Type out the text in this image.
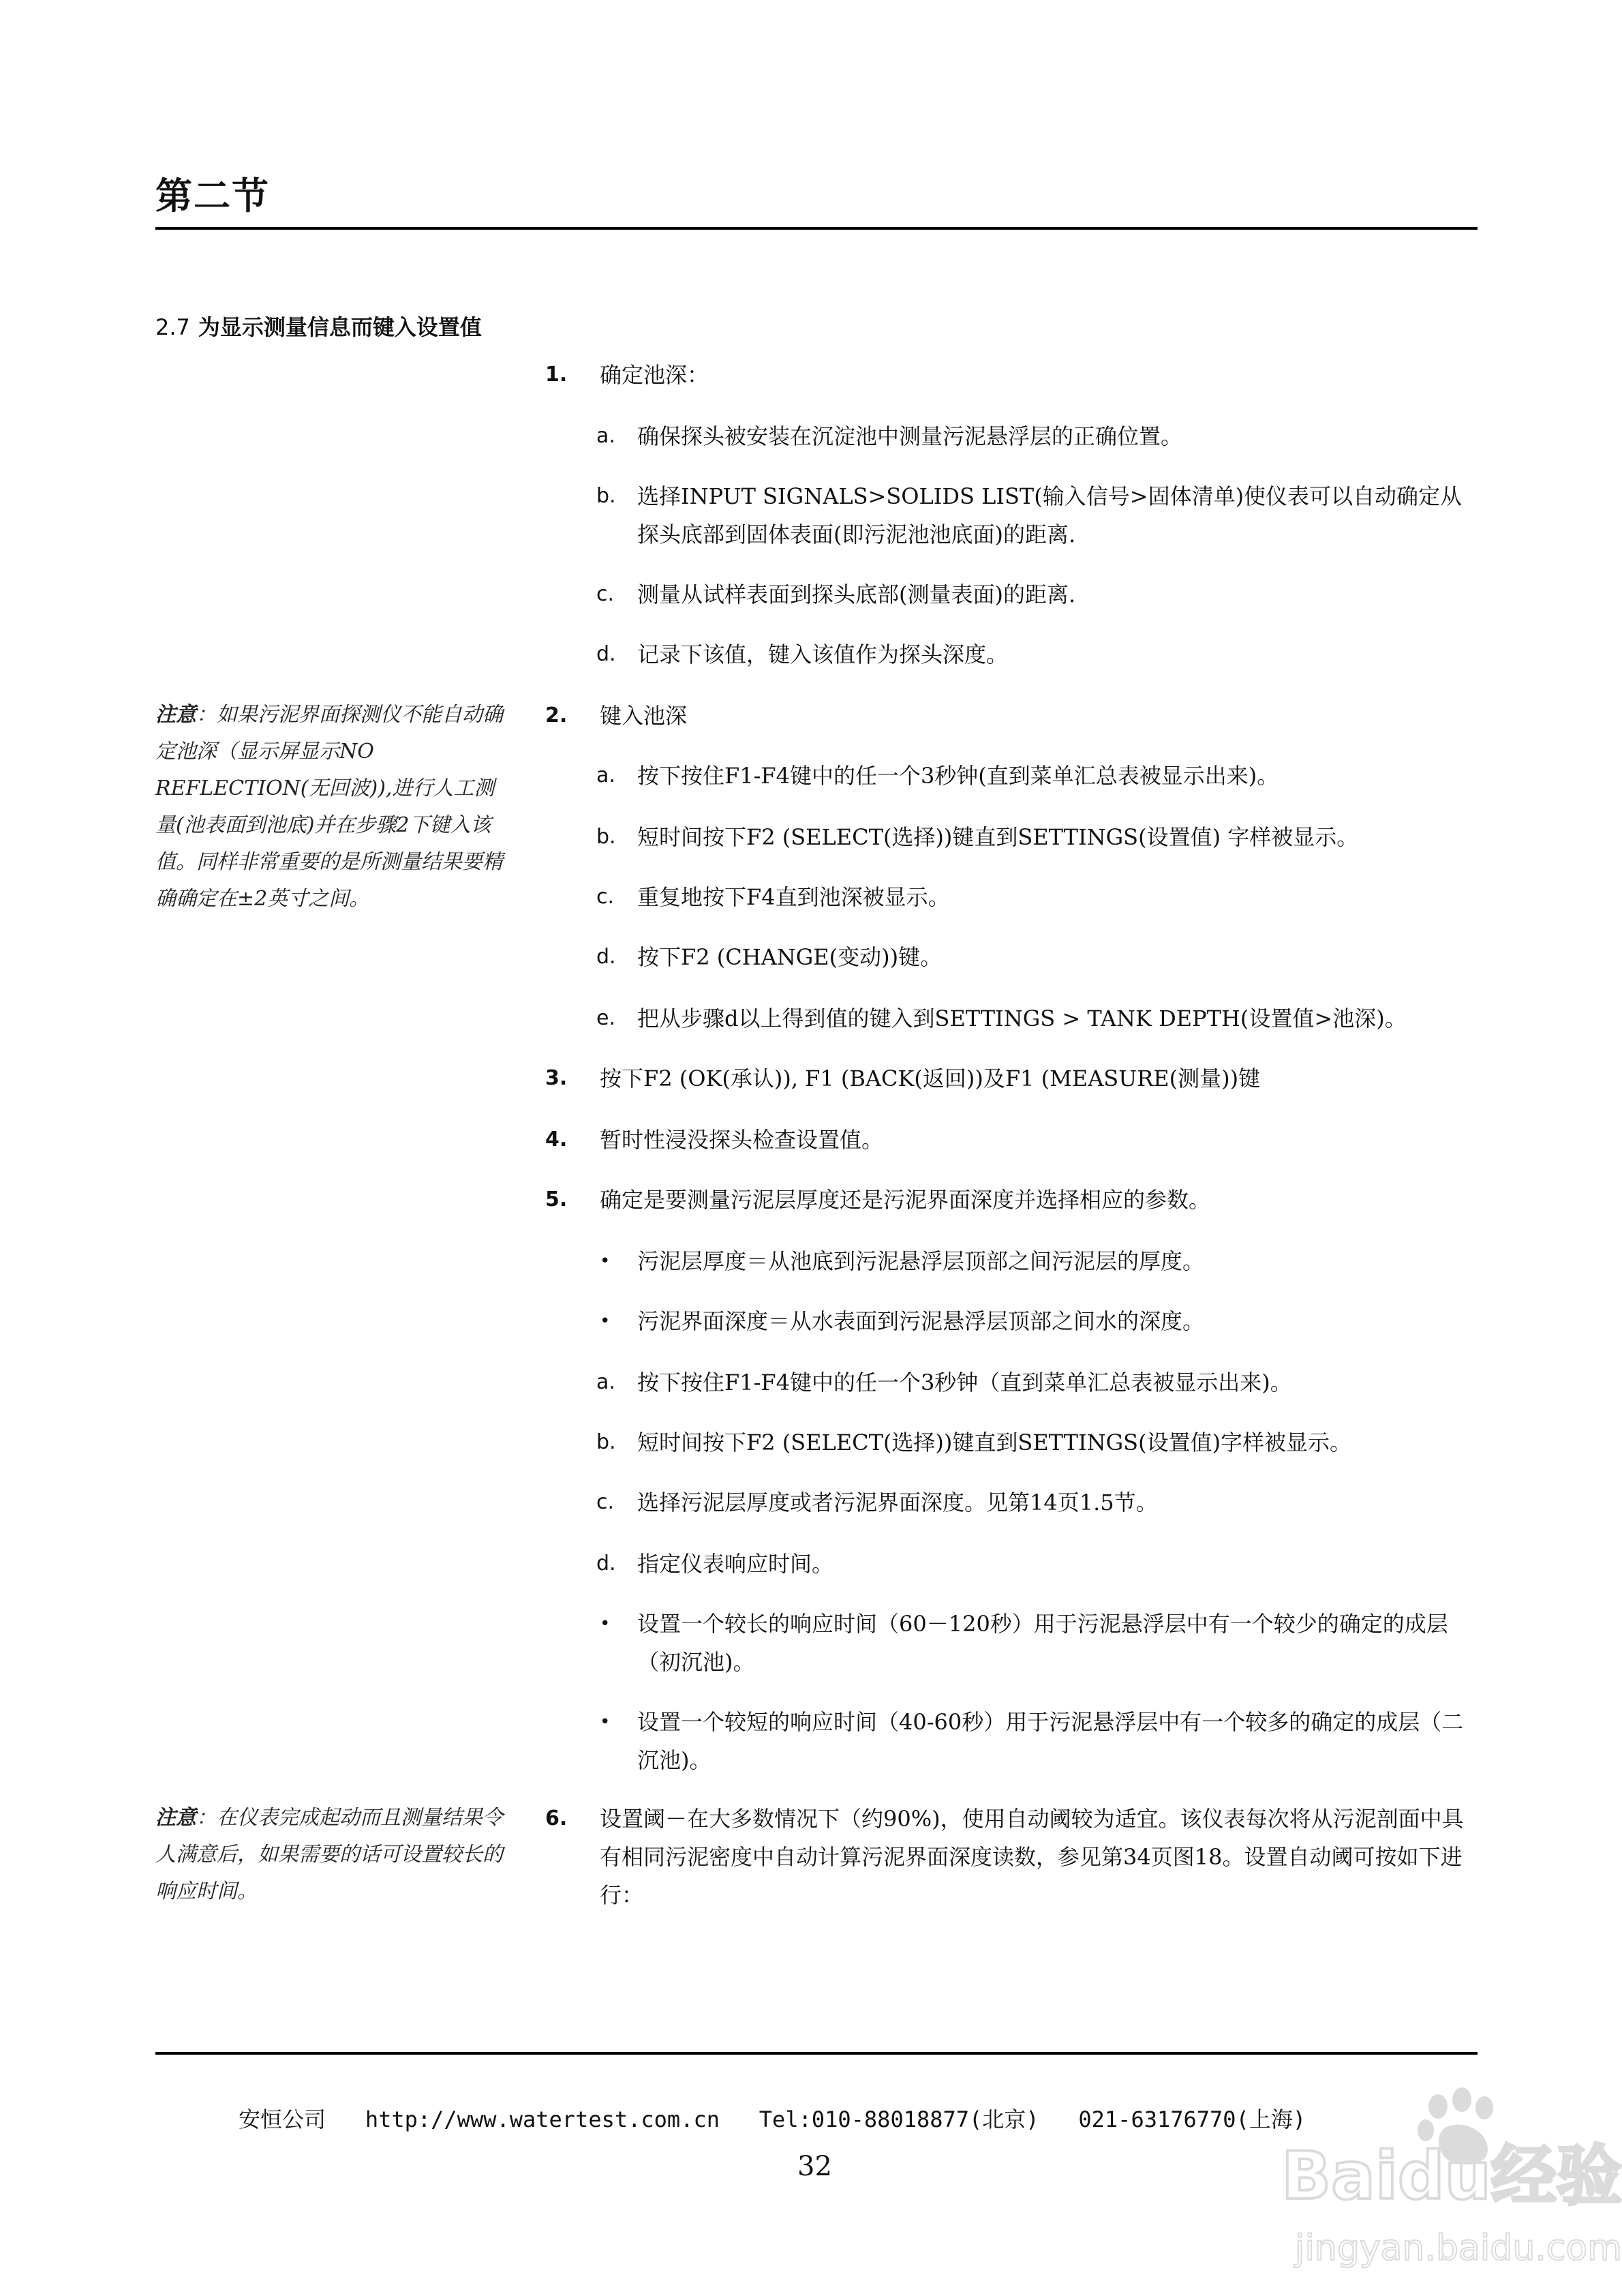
第二节
2.7 为显示测量信息而键入设置值
注意：如果污泥界面探测仪不能自动确定池深（显示屏显示NO REFLECTION(无回波)),进行人工测量(池表面到池底)并在步骤2下键入该值。同样非常重要的是所测量结果要精确确定在±2英寸之间。
注意：在仪表完成起动而且测量结果令人满意后，如果需要的话可设置较长的响应时间。
1. 确定池深：
a. 确保探头被安装在沉淀池中测量污泥悬浮层的正确位置。
b. 选择INPUT SIGNALS>SOLIDS LIST(输入信号>固体清单)使仪表可以自动确定从探头底部到固体表面(即污泥池池底面)的距离.
c. 测量从试样表面到探头底部(测量表面)的距离.
d. 记录下该值，键入该值作为探头深度。
2. 键入池深
a. 按下按住F1-F4键中的任一个3秒钟(直到菜单汇总表被显示出来)。
b. 短时间按下F2 (SELECT(选择))键直到SETTINGS(设置值) 字样被显示。
c. 重复地按下F4直到池深被显示。
d. 按下F2 (CHANGE(变动))键。
e. 把从步骤d以上得到值的键入到SETTINGS > TANK DEPTH(设置值>池深)。
3. 按下F2 (OK(承认)), F1 (BACK(返回))及F1 (MEASURE(测量))键
4. 暂时性浸没探头检查设置值。
5. 确定是要测量污泥层厚度还是污泥界面深度并选择相应的参数。
• 污泥层厚度＝从池底到污泥悬浮层顶部之间污泥层的厚度。
• 污泥界面深度＝从水表面到污泥悬浮层顶部之间水的深度。
a. 按下按住F1-F4键中的任一个3秒钟（直到菜单汇总表被显示出来)。
b. 短时间按下F2 (SELECT(选择))键直到SETTINGS(设置值)字样被显示。
c. 选择污泥层厚度或者污泥界面深度。见第14页1.5节。
d. 指定仪表响应时间。
• 设置一个较长的响应时间（60－120秒）用于污泥悬浮层中有一个较少的确定的成层（初沉池)。
• 设置一个较短的响应时间（40-60秒）用于污泥悬浮层中有一个较多的确定的成层（二沉池)。
6. 设置阈－在大多数情况下（约90%)，使用自动阈较为适宜。该仪表每次将从污泥剖面中具有相同污泥密度中自动计算污泥界面深度读数，参见第34页图18。设置自动阈可按如下进行：
安恒公司 http://www.watertest.com.cn Tel:010-88018877(北京) 021-63176770(上海)
32	Baidu经验
jingyan.baidu.com
